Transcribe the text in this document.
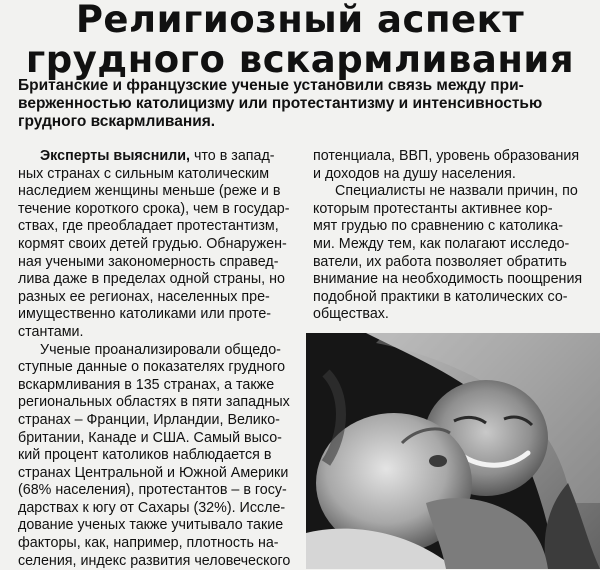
Религиозный аспект
грудного вскармливания
Британские и французские ученые установили связь между при-
верженностью католицизму или протестантизму и интенсивностью
грудного вскармливания.
Эксперты выяснили, что в запад-
ных странах с сильным католическим
наследием женщины меньше (реже и в
течение короткого срока), чем в государ-
ствах, где преобладает протестантизм,
кормят своих детей грудью. Обнаружен-
ная учеными закономерность справед-
лива даже в пределах одной страны, но
разных ее регионах, населенных пре-
имущественно католиками или проте-
стантами.
Ученые проанализировали общедо-
ступные данные о показателях грудного
вскармливания в 135 странах, а также
региональных областях в пяти западных
странах – Франции, Ирландии, Велико-
британии, Канаде и США. Самый высо-
кий процент католиков наблюдается в
странах Центральной и Южной Америки
(68% населения), протестантов – в госу-
дарствах к югу от Сахары (32%). Иссле-
дование ученых также учитывало такие
факторы, как, например, плотность на-
селения, индекс развития человеческого
потенциала, ВВП, уровень образования
и доходов на душу населения.
Специалисты не назвали причин, по
которым протестанты активнее кор-
мят грудью по сравнению с католика-
ми. Между тем, как полагают исследо-
ватели, их работа позволяет обратить
внимание на необходимость поощрения
подобной практики в католических со-
обществах.
